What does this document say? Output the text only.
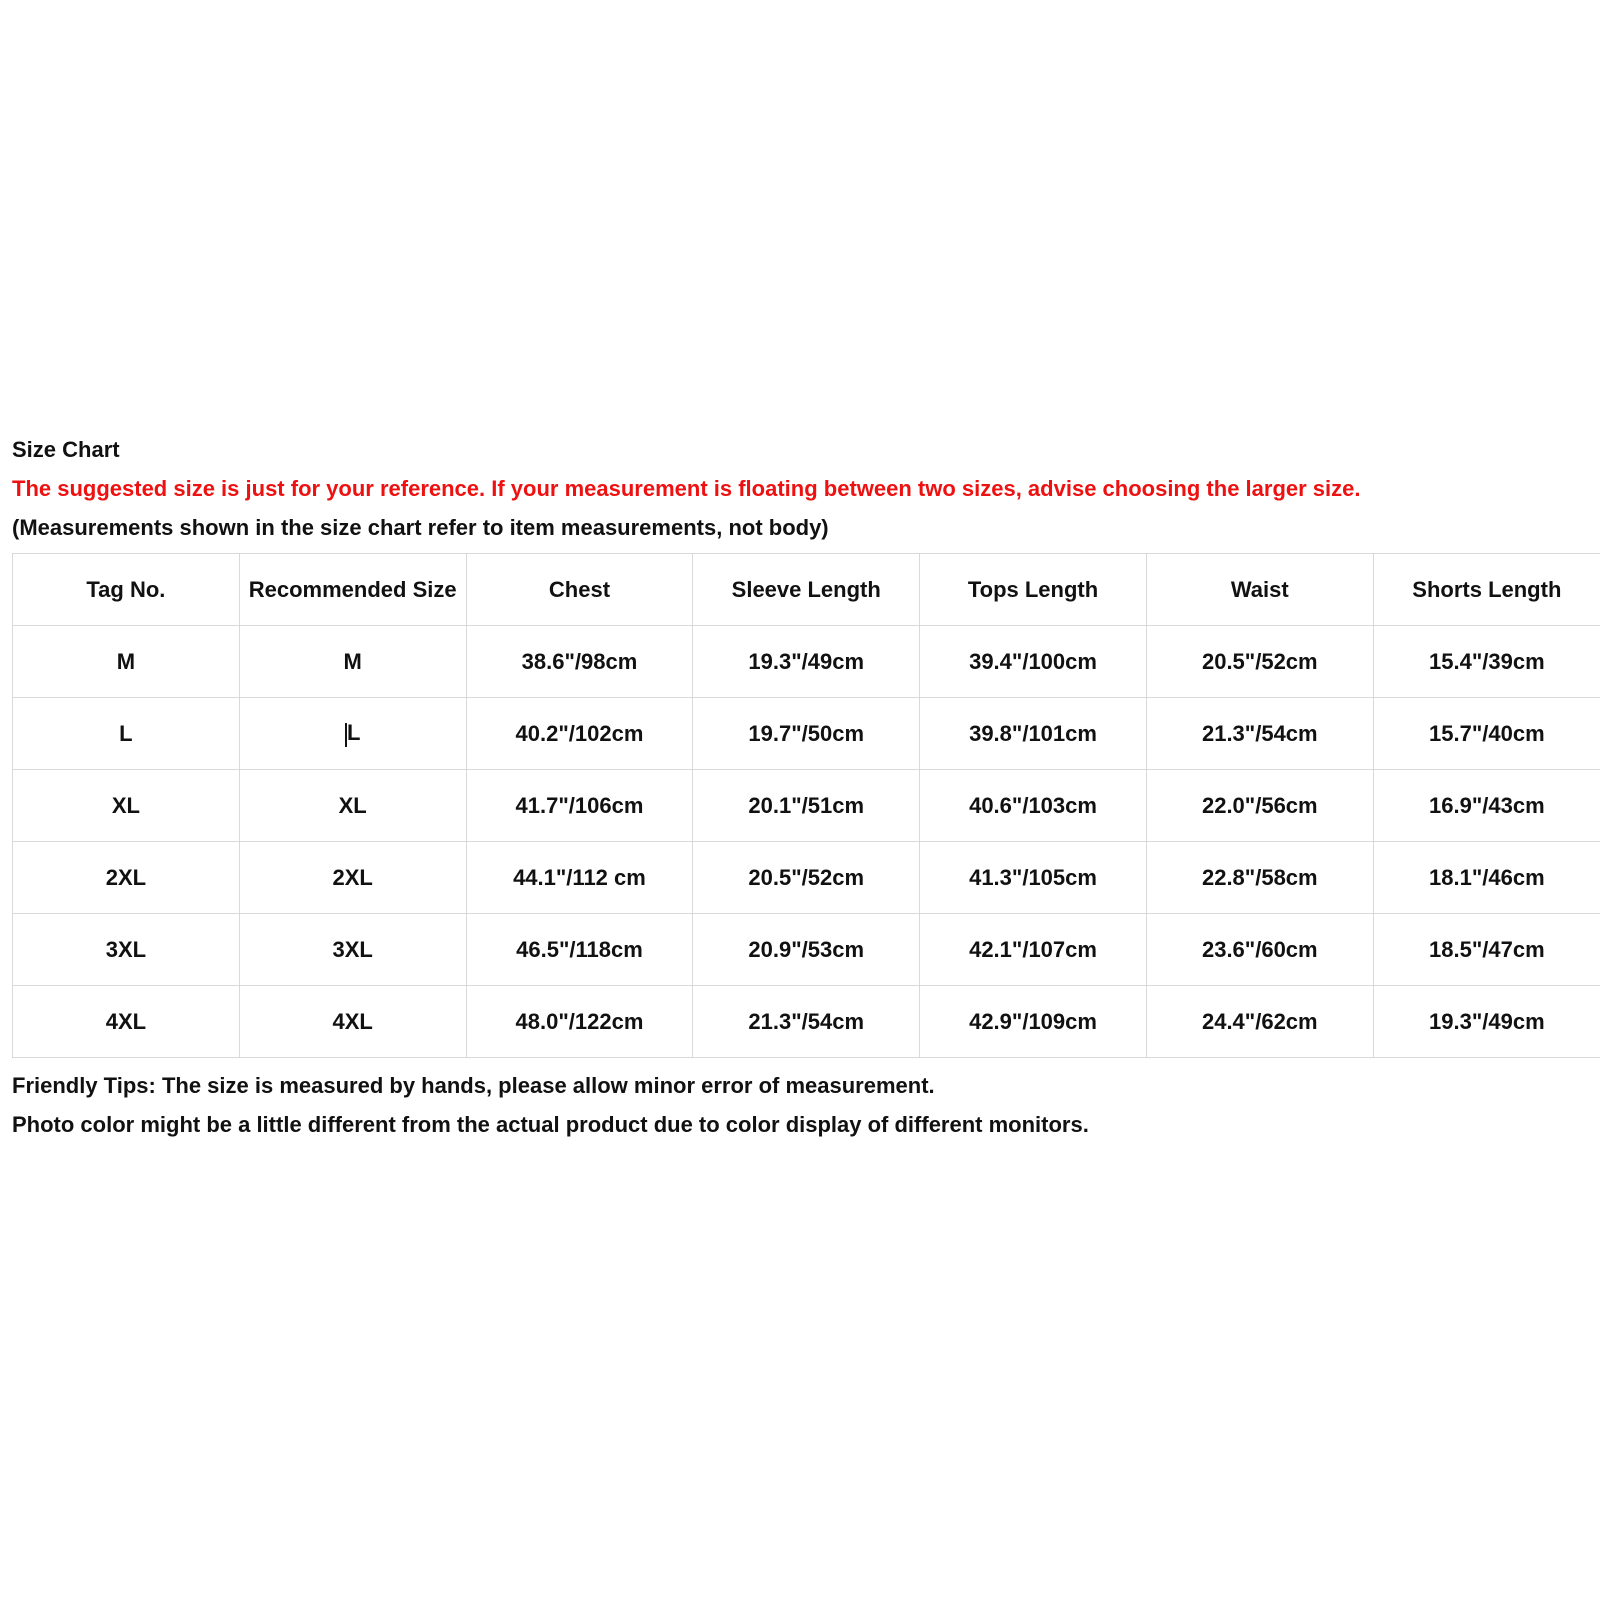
Size Chart
The suggested size is just for your reference. If your measurement is floating between two sizes, advise choosing the larger size.
(Measurements shown in the size chart refer to item measurements, not body)
Tag No.	Recommended Size	Chest	Sleeve Length	Tops Length	Waist	Shorts Length
M	M	38.6"/98cm	19.3"/49cm	39.4"/100cm	20.5"/52cm	15.4"/39cm
L	L	40.2"/102cm	19.7"/50cm	39.8"/101cm	21.3"/54cm	15.7"/40cm
XL	XL	41.7"/106cm	20.1"/51cm	40.6"/103cm	22.0"/56cm	16.9"/43cm
2XL	2XL	44.1"/112 cm	20.5"/52cm	41.3"/105cm	22.8"/58cm	18.1"/46cm
3XL	3XL	46.5"/118cm	20.9"/53cm	42.1"/107cm	23.6"/60cm	18.5"/47cm
4XL	4XL	48.0"/122cm	21.3"/54cm	42.9"/109cm	24.4"/62cm	19.3"/49cm
Friendly Tips: The size is measured by hands, please allow minor error of measurement.
Photo color might be a little different from the actual product due to color display of different monitors.
